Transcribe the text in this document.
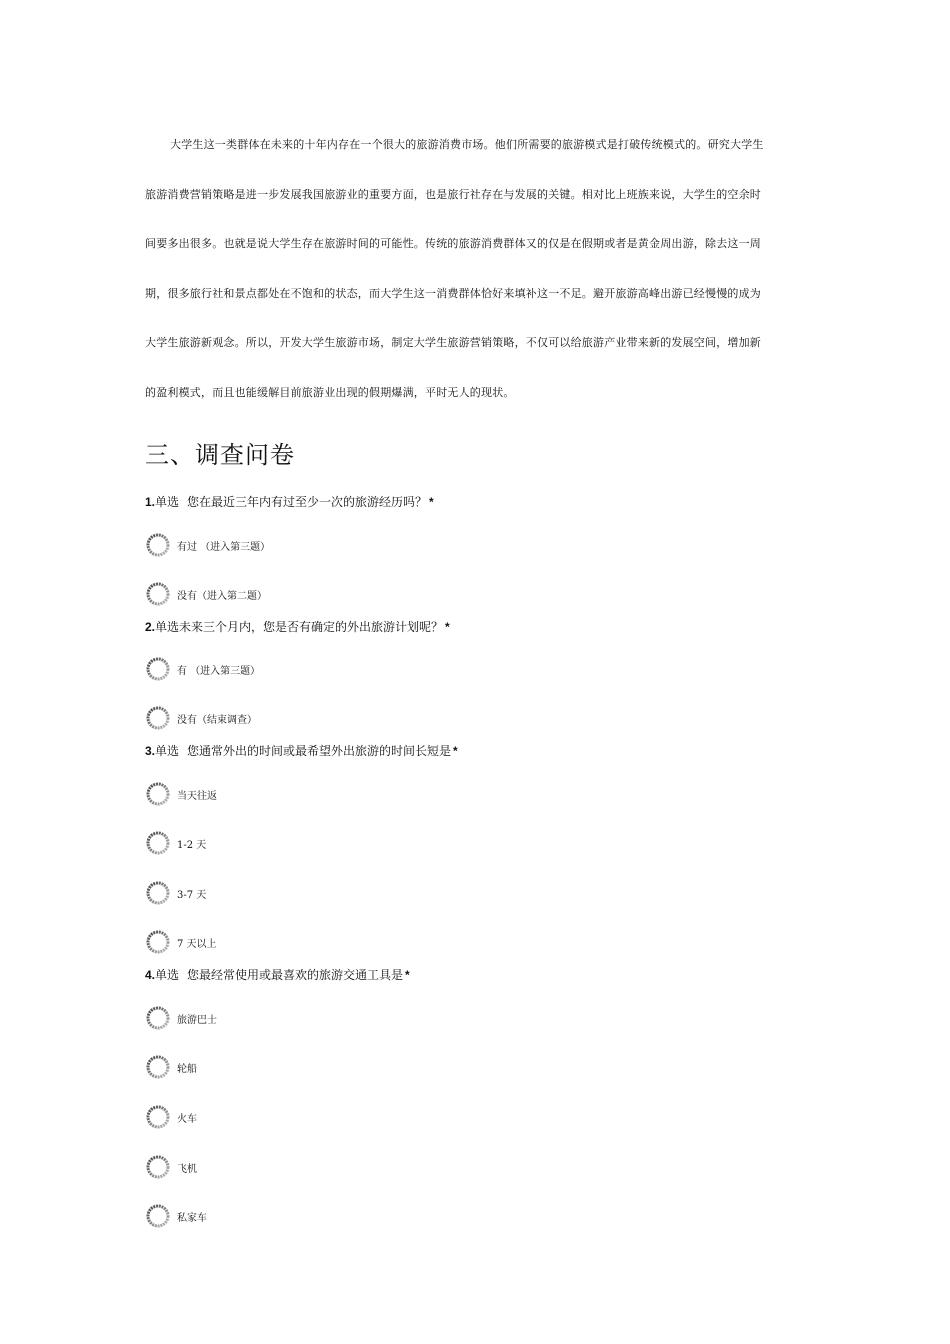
大学生这一类群体在未来的十年内存在一个很大的旅游消费市场。他们所需要的旅游模式是打破传统模式的。研究大学生
旅游消费营销策略是进一步发展我国旅游业的重要方面，也是旅行社存在与发展的关键。相对比上班族来说，大学生的空余时
间要多出很多。也就是说大学生存在旅游时间的可能性。传统的旅游消费群体又的仅是在假期或者是黄金周出游，除去这一周
期，很多旅行社和景点都处在不饱和的状态，而大学生这一消费群体恰好来填补这一不足。避开旅游高峰出游已经慢慢的成为
大学生旅游新观念。所以，开发大学生旅游市场，制定大学生旅游营销策略，不仅可以给旅游产业带来新的发展空间，增加新
的盈利模式，而且也能缓解目前旅游业出现的假期爆满，平时无人的现状。
三、调查问卷
1.单选 您在最近三年内有过至少一次的旅游经历吗？ *
有过 （进入第三题）
没有（进入第二题）
2.单选未来三个月内，您是否有确定的外出旅游计划呢？ *
有 （进入第三题）
没有（结束调查）
3.单选 您通常外出的时间或最希望外出旅游的时间长短是 *
当天往返
1-2 天
3-7 天
7 天以上
4.单选 您最经常使用或最喜欢的旅游交通工具是 *
旅游巴士
轮船
火车
飞机
私家车
